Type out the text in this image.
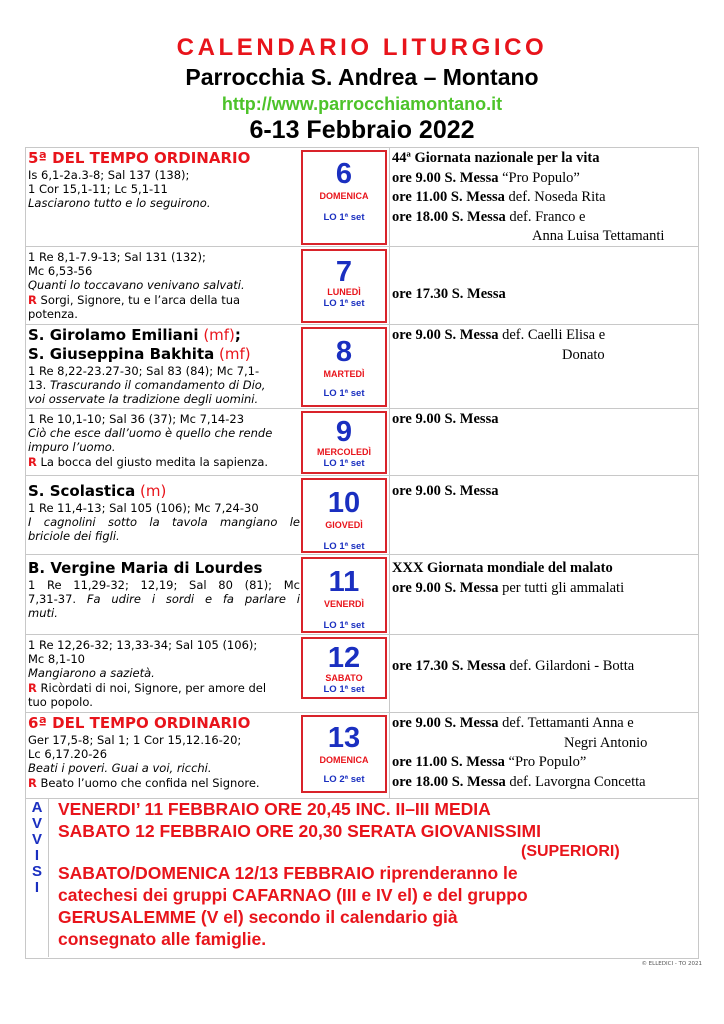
CALENDARIO LITURGICO
Parrocchia S. Andrea – Montano
http://www.parrocchiamontano.it
6-13 Febbraio 2022
5ª DEL TEMPO ORDINARIO
Is 6,1-2a.3-8; Sal 137 (138);
1 Cor 15,1-11; Lc 5,1-11
Lasciarono tutto e lo seguirono.
6
DOMENICA
LO 1ª set
44ª Giornata nazionale per la vita
ore 9.00 S. Messa “Pro Populo”
ore 11.00 S. Messa def. Noseda Rita
ore 18.00 S. Messa def. Franco e
Anna Luisa Tettamanti
1 Re 8,1-7.9-13; Sal 131 (132);
Mc 6,53-56
Quanti lo toccavano venivano salvati.
R Sorgi, Signore, tu e l’arca della tua
potenza.
7
LUNEDÌ
LO 1ª set
ore 17.30 S. Messa
S. Girolamo Emiliani (mf);
S. Giuseppina Bakhita (mf)
1 Re 8,22-23.27-30; Sal 83 (84); Mc 7,1-
13. Trascurando il comandamento di Dio,
voi osservate la tradizione degli uomini.
8
MARTEDÌ
LO 1ª set
ore 9.00 S. Messa def. Caelli Elisa e
Donato
1 Re 10,1-10; Sal 36 (37); Mc 7,14-23
Ciò che esce dall’uomo è quello che rende
impuro l’uomo.
R La bocca del giusto medita la sapienza.
9
MERCOLEDÌ
LO 1ª set
ore 9.00 S. Messa
S. Scolastica (m)
1 Re 11,4-13; Sal 105 (106); Mc 7,24-30
I cagnolini sotto la tavola mangiano le
briciole dei figli.
10
GIOVEDÌ
LO 1ª set
ore 9.00 S. Messa
B. Vergine Maria di Lourdes
1 Re 11,29-32; 12,19; Sal 80 (81); Mc
7,31-37. Fa udire i sordi e fa parlare i
muti.
11
VENERDÌ
LO 1ª set
XXX Giornata mondiale del malato
ore 9.00 S. Messa per tutti gli ammalati
1 Re 12,26-32; 13,33-34; Sal 105 (106);
Mc 8,1-10
Mangiarono a sazietà.
R Ricòrdati di noi, Signore, per amore del
tuo popolo.
12
SABATO
LO 1ª set
ore 17.30 S. Messa def. Gilardoni - Botta
6ª DEL TEMPO ORDINARIO
Ger 17,5-8; Sal 1; 1 Cor 15,12.16-20;
Lc 6,17.20-26
Beati i poveri. Guai a voi, ricchi.
R Beato l’uomo che confida nel Signore.
13
DOMENICA
LO 2ª set
ore 9.00 S. Messa def. Tettamanti Anna e
Negri Antonio
ore 11.00 S. Messa “Pro Populo”
ore 18.00 S. Messa def. Lavorgna Concetta
A
V
V
I
S
I
VENERDI’ 11 FEBBRAIO ORE 20,45 INC. II–III MEDIA
SABATO 12 FEBBRAIO ORE 20,30 SERATA GIOVANISSIMI
(SUPERIORI)
SABATO/DOMENICA 12/13 FEBBRAIO riprenderanno le
catechesi dei gruppi CAFARNAO (III e IV el) e del gruppo
GERUSALEMME (V el) secondo il calendario già
consegnato alle famiglie.
© ELLEDICI - TO 2021
